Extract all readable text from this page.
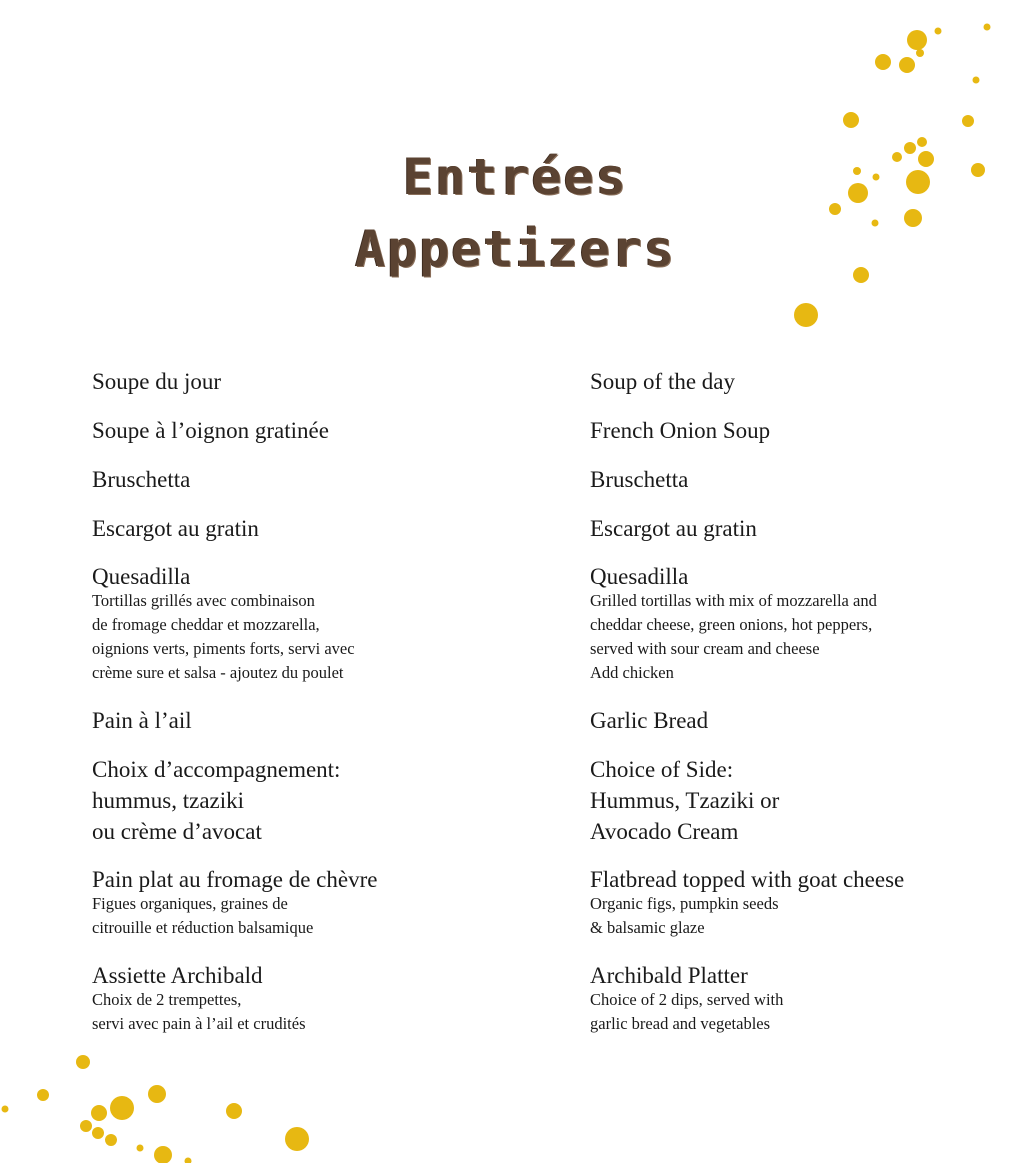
Entrées
Appetizers
Soupe du jour
Soupe à l’oignon gratinée
Bruschetta
Escargot au gratin
Quesadilla
Tortillas grillés avec combinaison
de fromage cheddar et mozzarella,
oignions verts, piments forts, servi avec
crème sure et salsa - ajoutez du poulet
Pain à l’ail
Choix d’accompagnement:
hummus, tzaziki
ou crème d’avocat
Pain plat au fromage de chèvre
Figues organiques, graines de
citrouille et réduction balsamique
Assiette Archibald
Choix de 2 trempettes,
servi avec pain à l’ail et crudités
Soup of the day
French Onion Soup
Bruschetta
Escargot au gratin
Quesadilla
Grilled tortillas with mix of mozzarella and
cheddar cheese, green onions, hot peppers,
served with sour cream and cheese
Add chicken
Garlic Bread
Choice of Side:
Hummus, Tzaziki or
Avocado Cream
Flatbread topped with goat cheese
Organic figs, pumpkin seeds
& balsamic glaze
Archibald Platter
Choice of 2 dips, served with
garlic bread and vegetables
